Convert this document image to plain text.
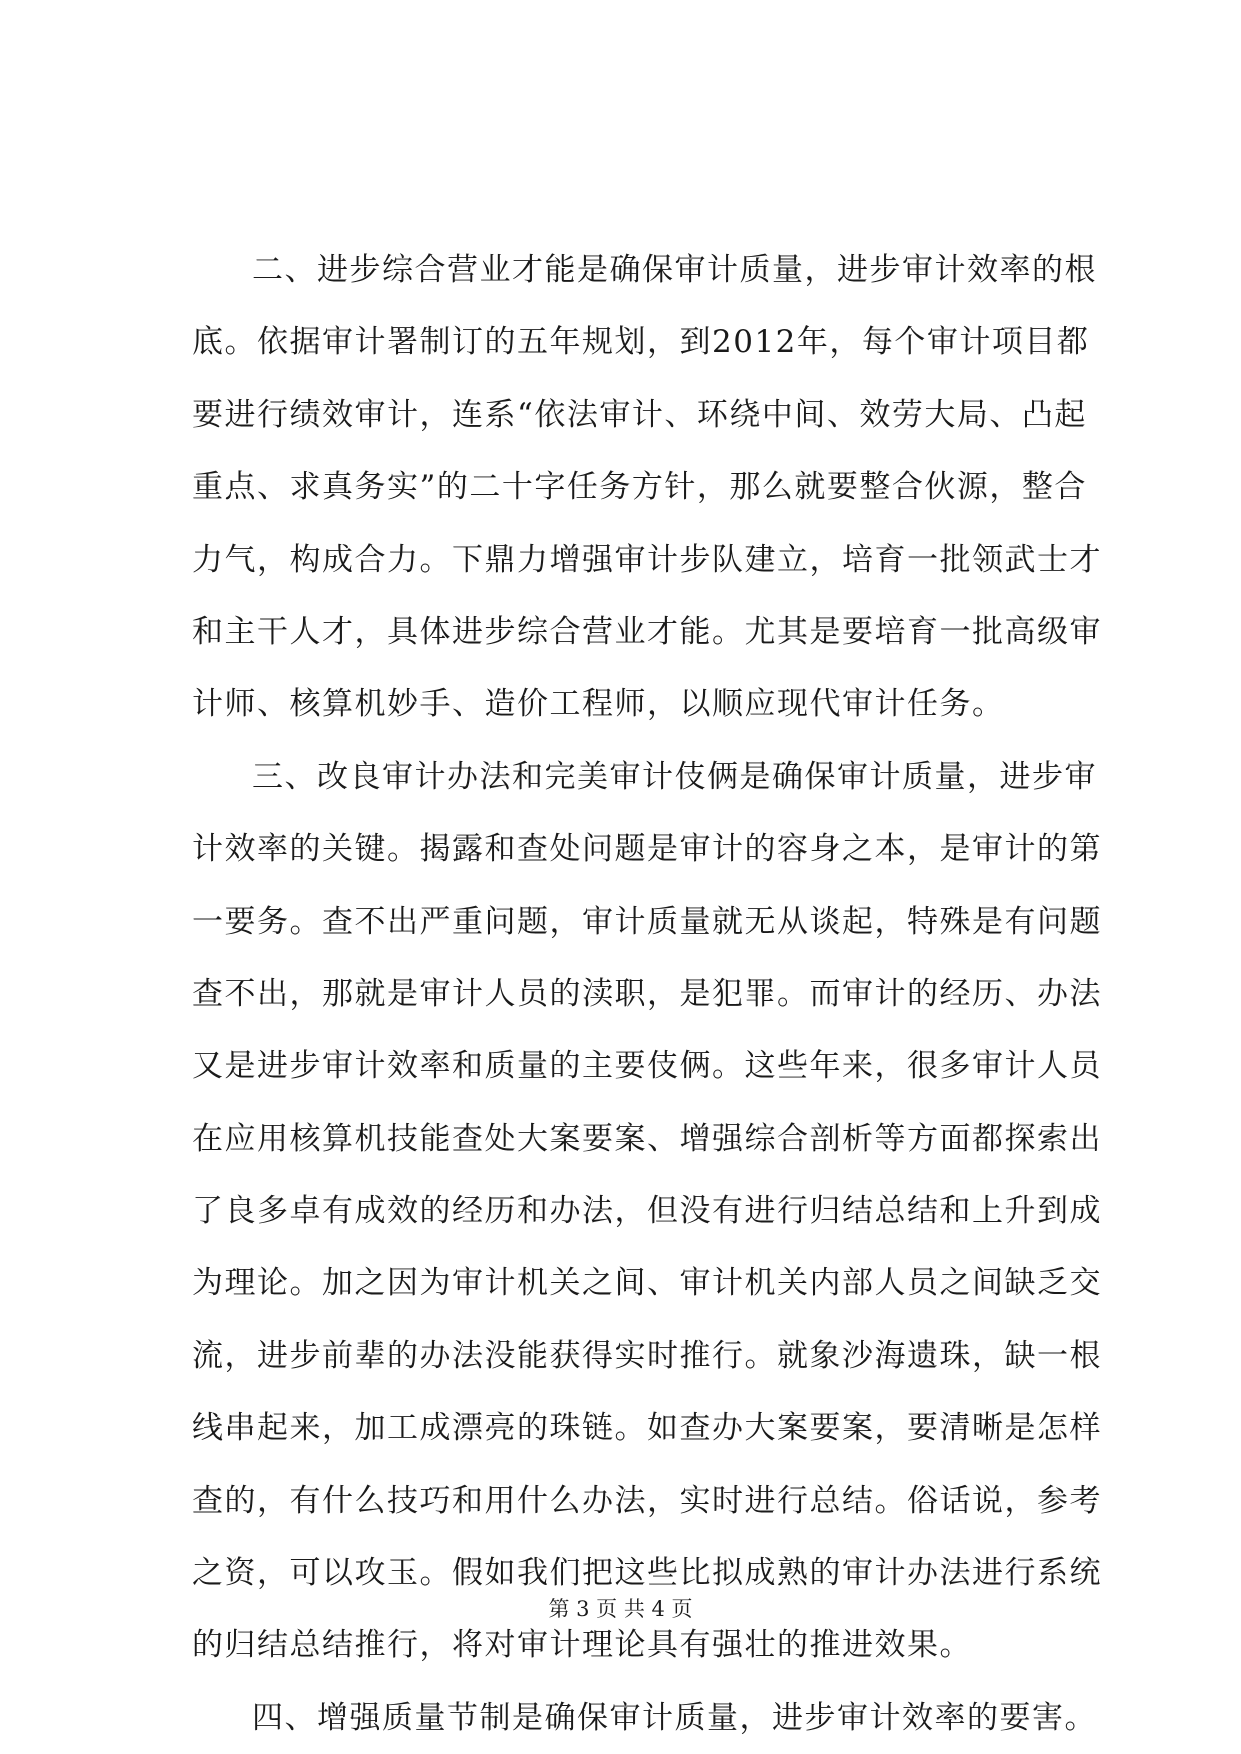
二、进步综合营业才能是确保审计质量，进步审计效率的根
底。依据审计署制订的五年规划，到2012年，每个审计项目都
要进行绩效审计，连系“依法审计、环绕中间、效劳大局、凸起
重点、求真务实”的二十字任务方针，那么就要整合伙源，整合
力气，构成合力。下鼎力增强审计步队建立，培育一批领武士才
和主干人才，具体进步综合营业才能。尤其是要培育一批高级审
计师、核算机妙手、造价工程师，以顺应现代审计任务。
三、改良审计办法和完美审计伎俩是确保审计质量，进步审
计效率的关键。揭露和查处问题是审计的容身之本，是审计的第
一要务。查不出严重问题，审计质量就无从谈起，特殊是有问题
查不出，那就是审计人员的渎职，是犯罪。而审计的经历、办法
又是进步审计效率和质量的主要伎俩。这些年来，很多审计人员
在应用核算机技能查处大案要案、增强综合剖析等方面都探索出
了良多卓有成效的经历和办法，但没有进行归结总结和上升到成
为理论。加之因为审计机关之间、审计机关内部人员之间缺乏交
流，进步前辈的办法没能获得实时推行。就象沙海遗珠，缺一根
线串起来，加工成漂亮的珠链。如查办大案要案，要清晰是怎样
查的，有什么技巧和用什么办法，实时进行总结。俗话说，参考
之资，可以攻玉。假如我们把这些比拟成熟的审计办法进行系统
的归结总结推行，将对审计理论具有强壮的推进效果。
四、增强质量节制是确保审计质量，进步审计效率的要害。
第 3 页 共 4 页
